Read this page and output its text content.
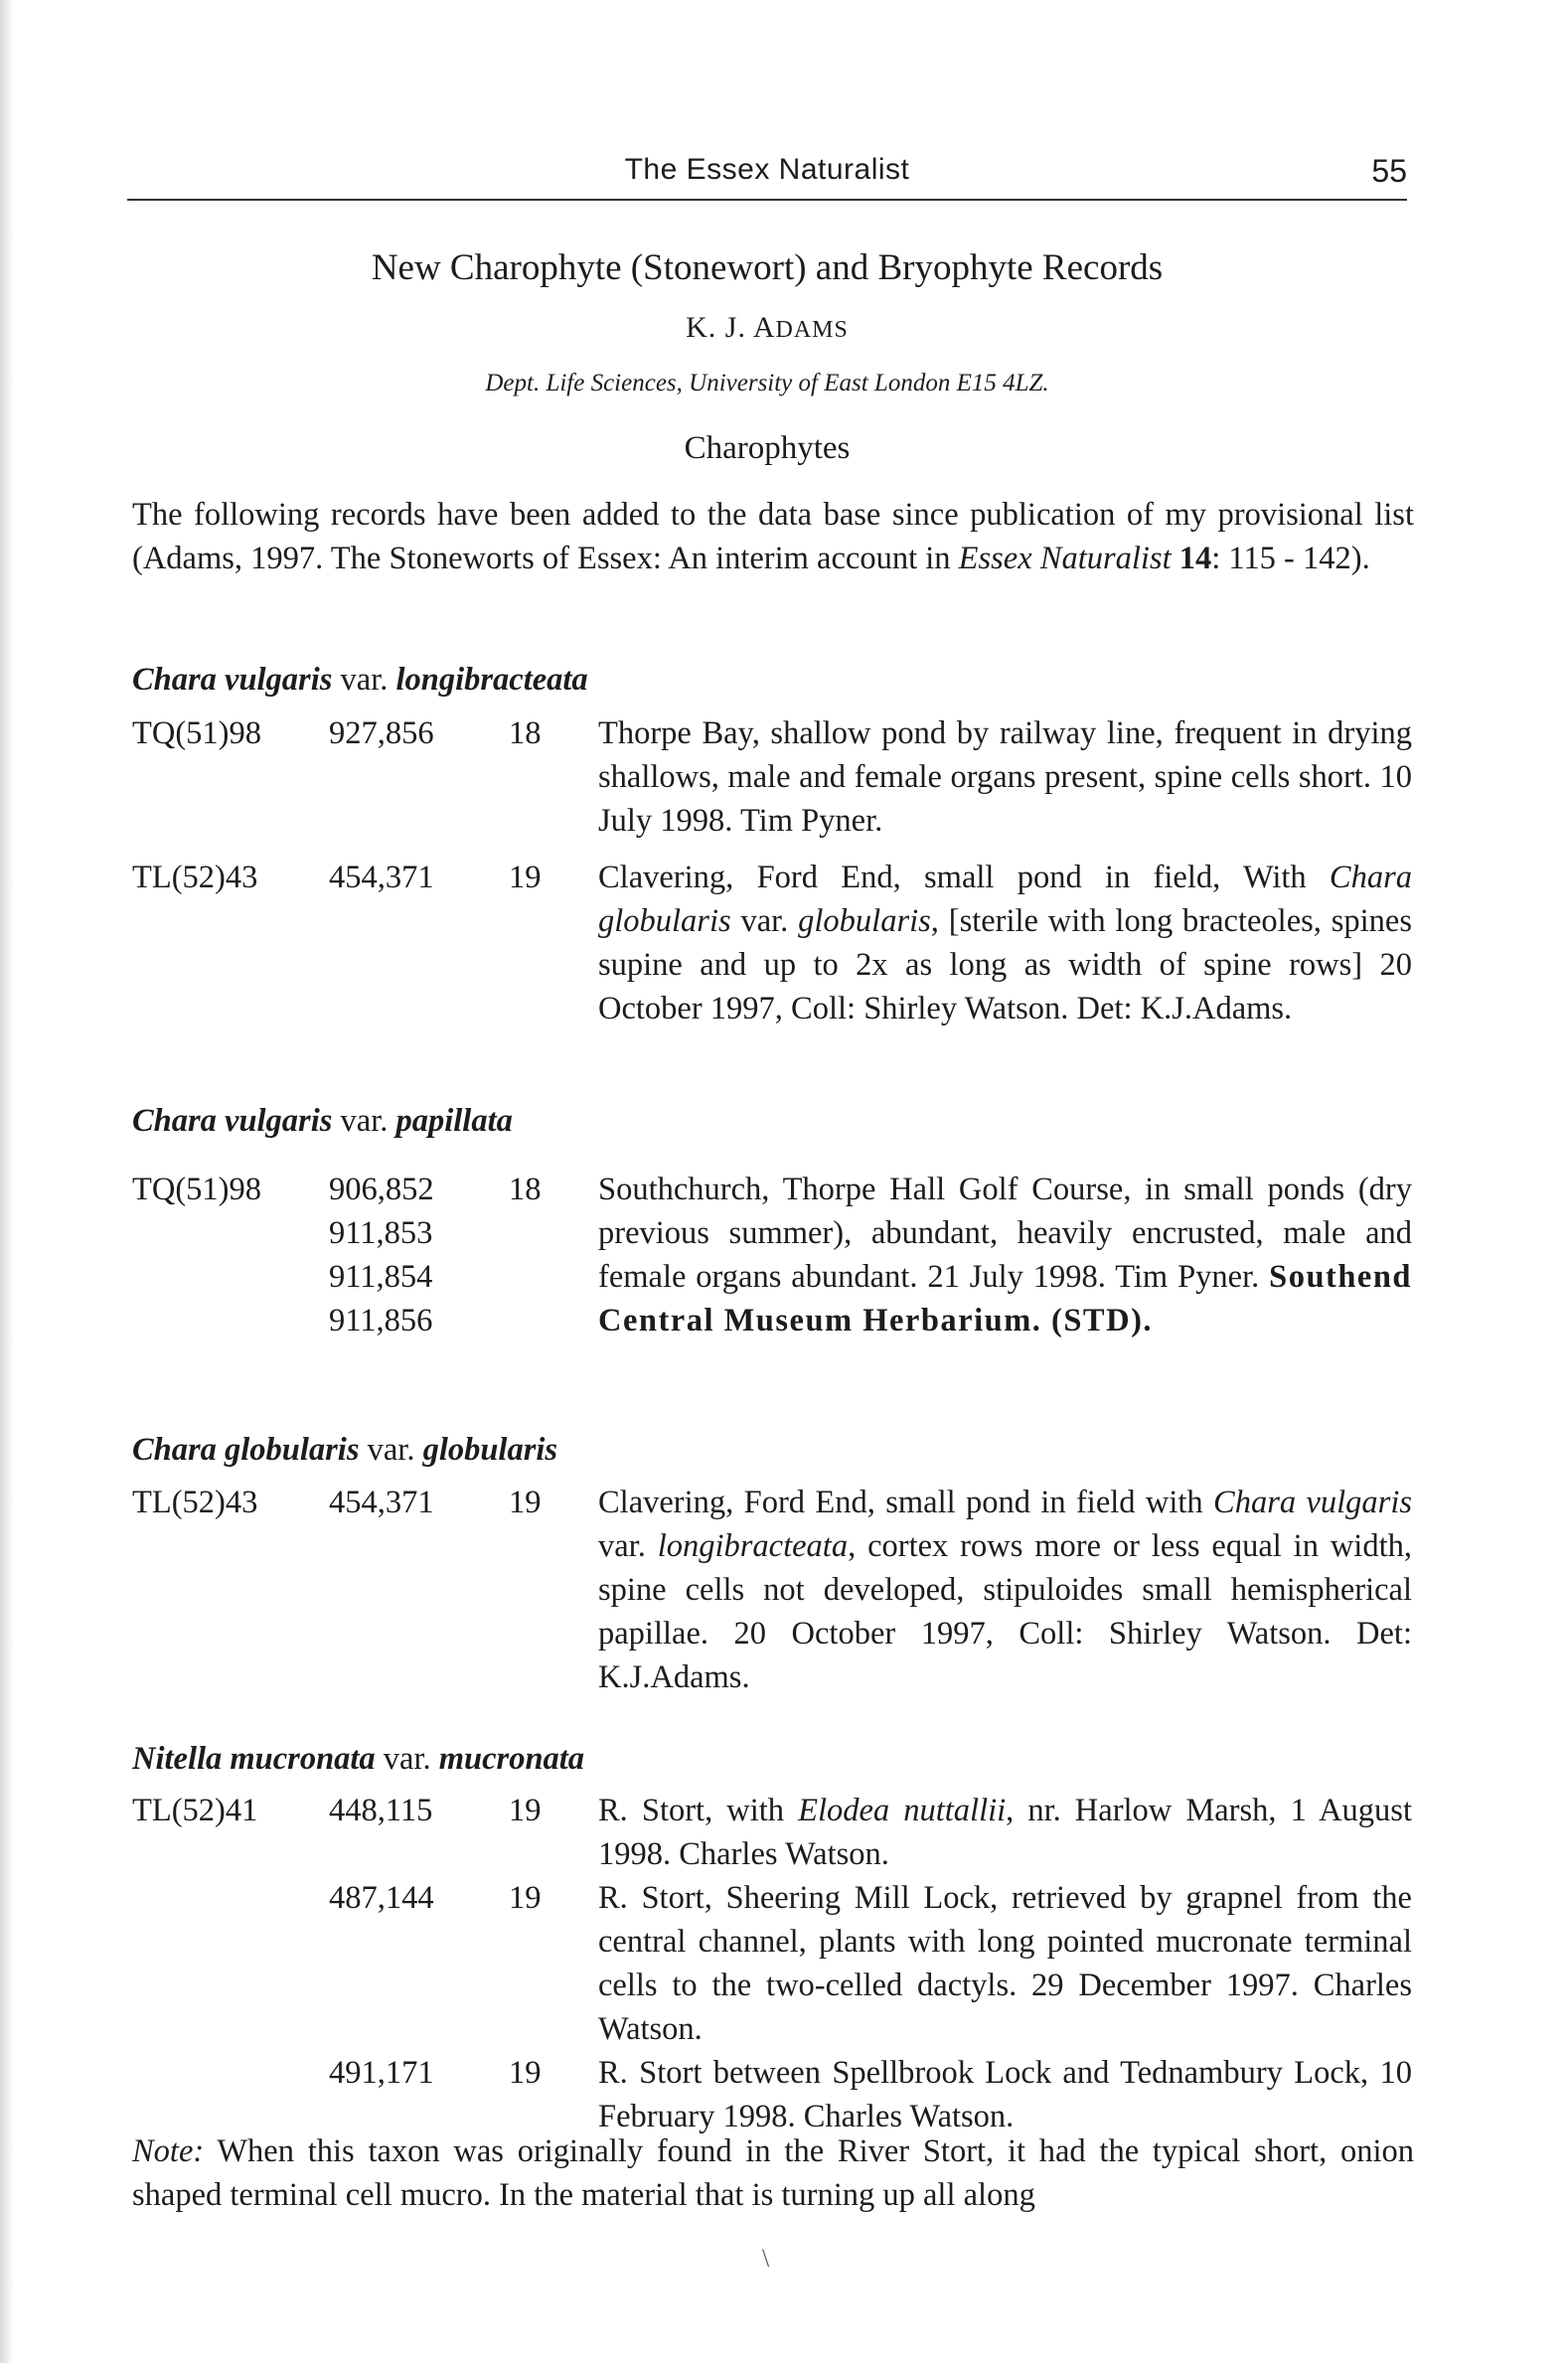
The Essex Naturalist	55
New Charophyte (Stonewort) and Bryophyte Records
K. J. ADAMS
Dept. Life Sciences, University of East London E15 4LZ.
Charophytes
The following records have been added to the data base since publication of my provisional list (Adams, 1997. The Stoneworts of Essex: An interim account in Essex Naturalist 14: 115 - 142).
Chara vulgaris var. longibracteata
TQ(51)98 927,856 18 Thorpe Bay, shallow pond by railway line, frequent in drying shallows, male and female organs present, spine cells short. 10 July 1998. Tim Pyner.
TL(52)43 454,371 19 Clavering, Ford End, small pond in field, With Chara globularis var. globularis, [sterile with long bracteoles, spines supine and up to 2x as long as width of spine rows] 20 October 1997, Coll: Shirley Watson. Det: K.J.Adams.
Chara vulgaris var. papillata
TQ(51)98 906,852
911,853
911,854
911,856
18 Southchurch, Thorpe Hall Golf Course, in small ponds (dry previous summer), abundant, heavily encrusted, male and female organs abundant. 21 July 1998. Tim Pyner. Southend Central Museum Herbarium. (STD).
Chara globularis var. globularis
TL(52)43 454,371 19 Clavering, Ford End, small pond in field with Chara vulgaris var. longibracteata, cortex rows more or less equal in width, spine cells not developed, stipuloides small hemispherical papillae. 20 October 1997, Coll: Shirley Watson. Det: K.J.Adams.
Nitella mucronata var. mucronata
TL(52)41 448,115 19 R. Stort, with Elodea nuttallii, nr. Harlow Marsh, 1 August 1998. Charles Watson.
487,144 19 R. Stort, Sheering Mill Lock, retrieved by grapnel from the central channel, plants with long pointed mucronate terminal cells to the two-celled dactyls. 29 December 1997. Charles Watson.
491,171 19 R. Stort between Spellbrook Lock and Tednambury Lock, 10 February 1998. Charles Watson.
Note: When this taxon was originally found in the River Stort, it had the typical short, onion shaped terminal cell mucro. In the material that is turning up all along
\
